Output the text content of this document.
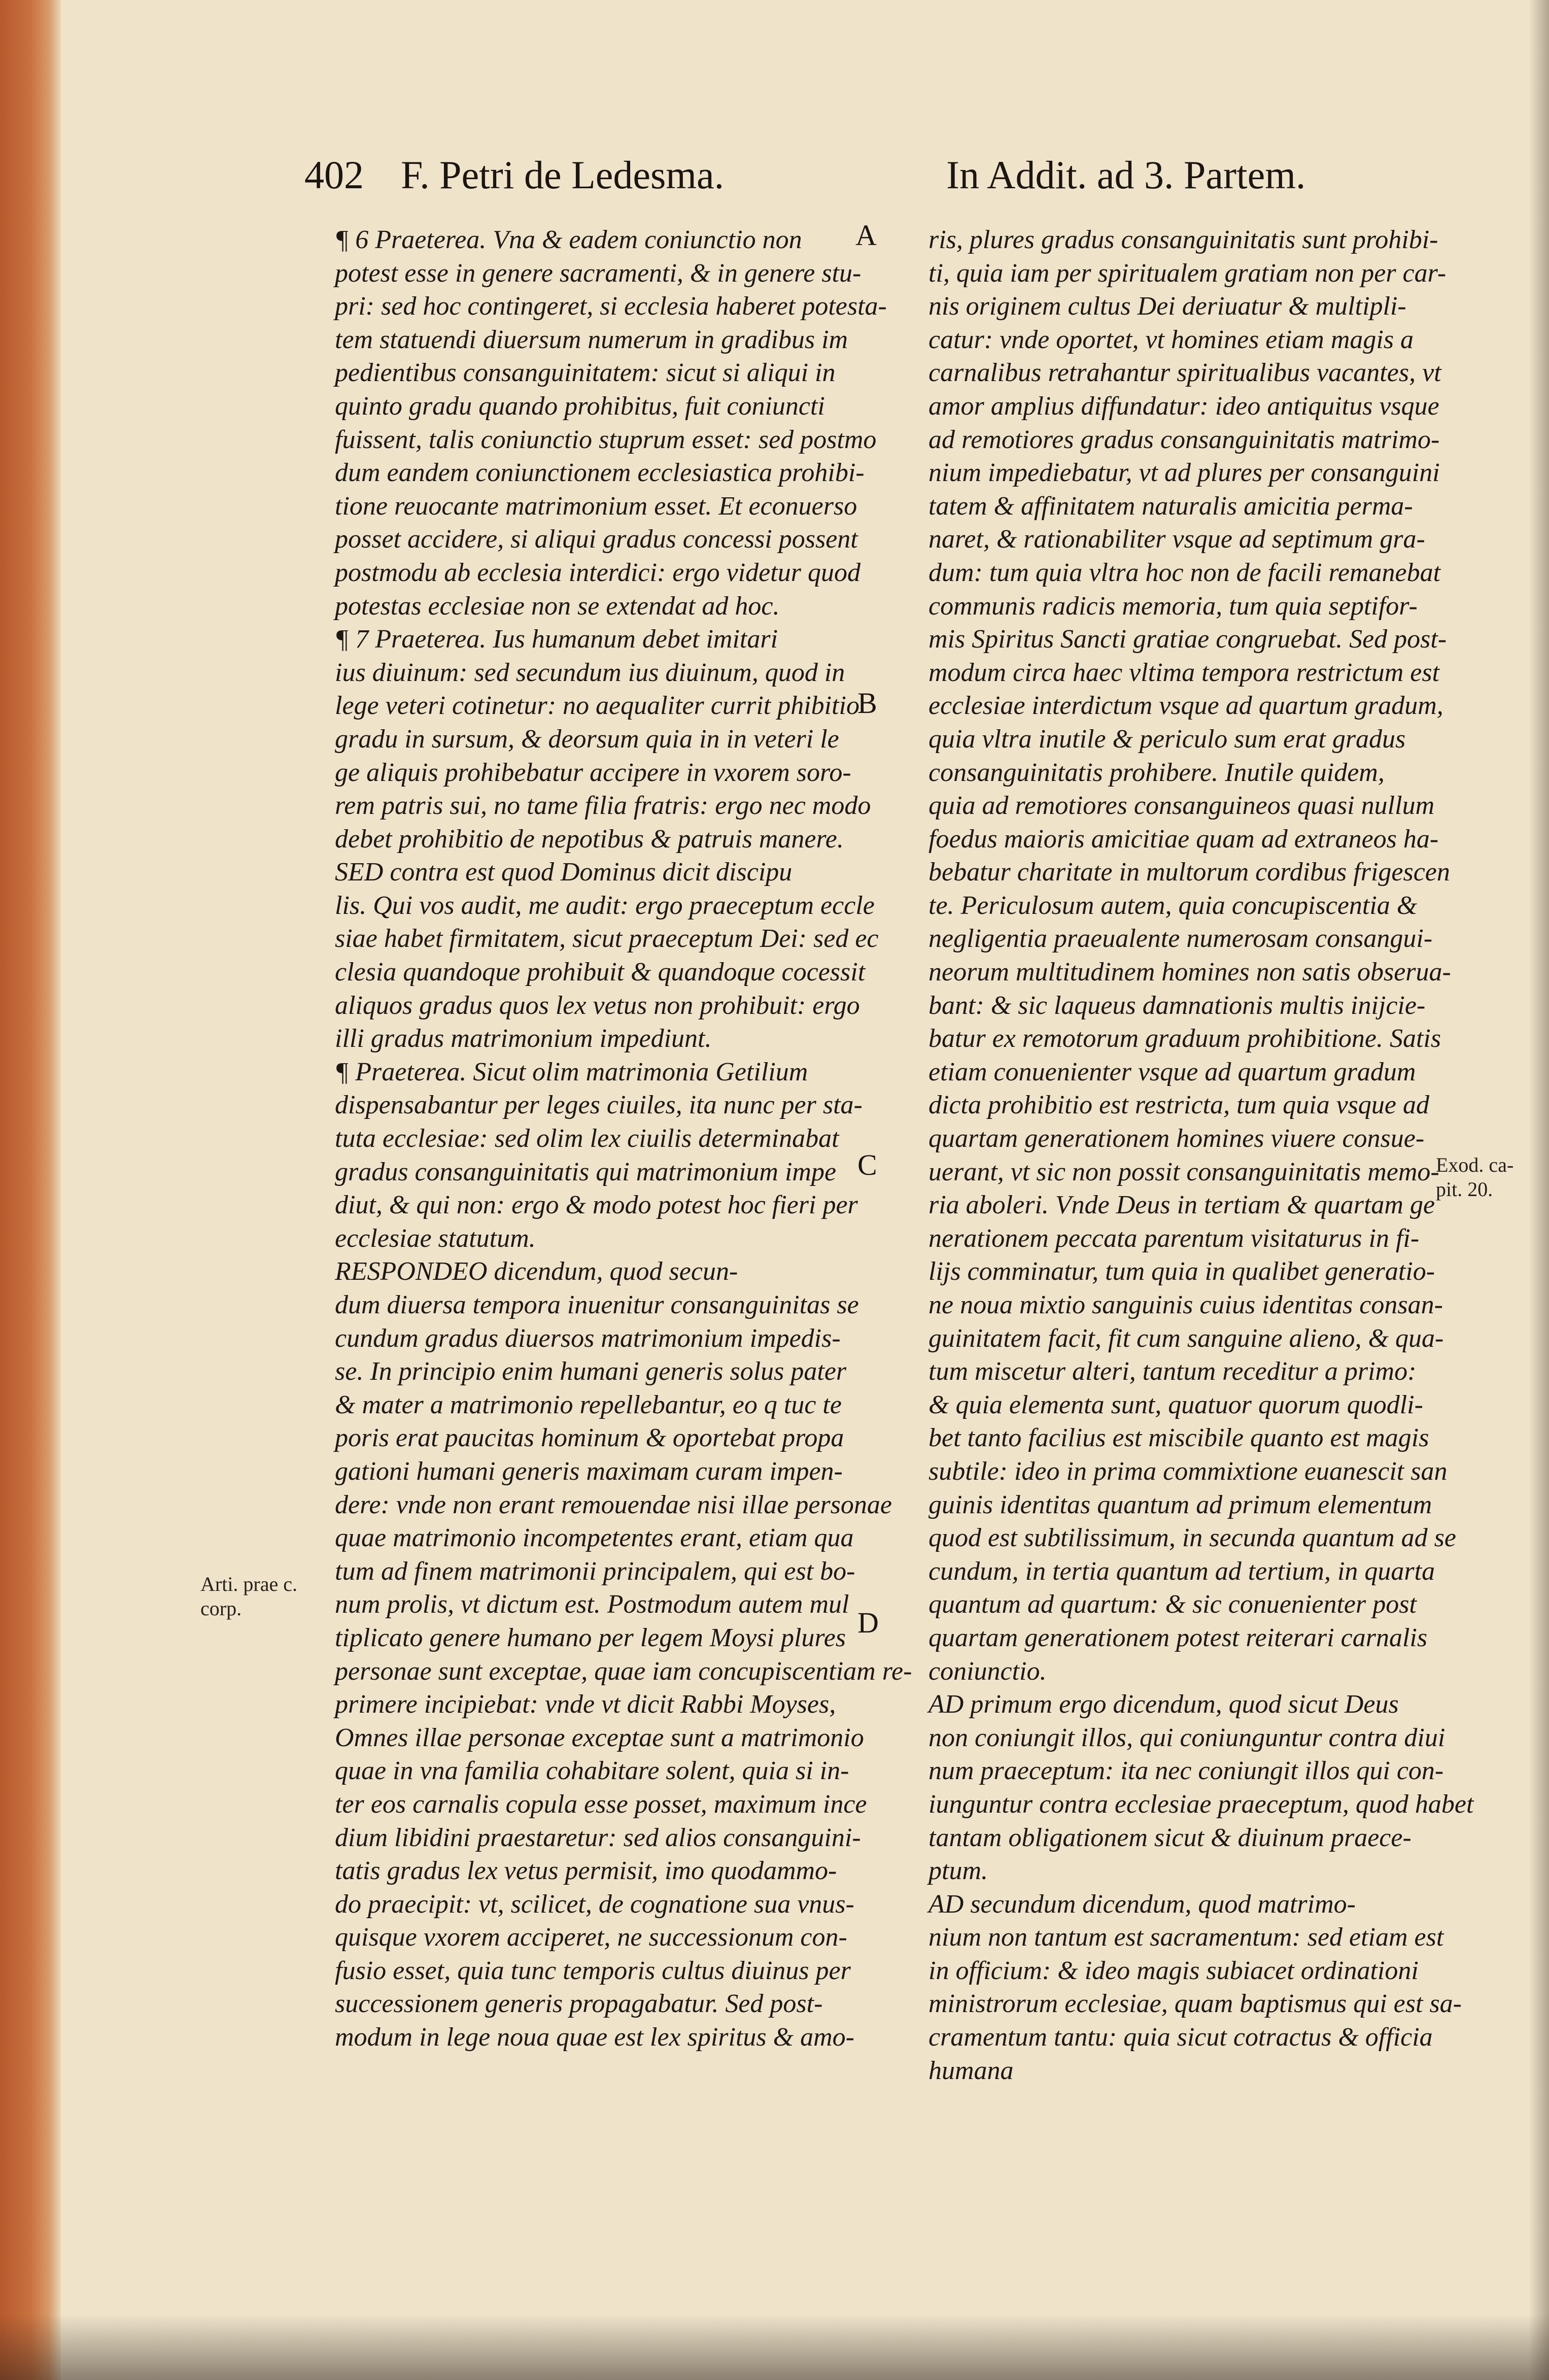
402 F. Petri de Ledesma.	In Addit. ad 3. Partem.
¶ 6 Praeterea. Vna & eadem coniunctio non
potest esse in genere sacramenti, & in genere stu-
pri: sed hoc contingeret, si ecclesia haberet potesta-
tem statuendi diuersum numerum in gradibus im
pedientibus consanguinitatem: sicut si aliqui in
quinto gradu quando prohibitus, fuit coniuncti
fuissent, talis coniunctio stuprum esset: sed postmo
dum eandem coniunctionem ecclesiastica prohibi-
tione reuocante matrimonium esset. Et econuerso
posset accidere, si aliqui gradus concessi possent
postmodu ab ecclesia interdici: ergo videtur quod
potestas ecclesiae non se extendat ad hoc.
¶ 7 Praeterea. Ius humanum debet imitari
ius diuinum: sed secundum ius diuinum, quod in
lege veteri cotinetur: no aequaliter currit phibitio
gradu in sursum, & deorsum quia in in veteri le
ge aliquis prohibebatur accipere in vxorem soro-
rem patris sui, no tame filia fratris: ergo nec modo
debet prohibitio de nepotibus & patruis manere.
SED contra est quod Dominus dicit discipu
lis. Qui vos audit, me audit: ergo praeceptum eccle
siae habet firmitatem, sicut praeceptum Dei: sed ec
clesia quandoque prohibuit & quandoque cocessit
aliquos gradus quos lex vetus non prohibuit: ergo
illi gradus matrimonium impediunt.
¶ Praeterea. Sicut olim matrimonia Getilium
dispensabantur per leges ciuiles, ita nunc per sta-
tuta ecclesiae: sed olim lex ciuilis determinabat
gradus consanguinitatis qui matrimonium impe
diut, & qui non: ergo & modo potest hoc fieri per
ecclesiae statutum.
RESPONDEO dicendum, quod secun-
dum diuersa tempora inuenitur consanguinitas se
cundum gradus diuersos matrimonium impedis-
se. In principio enim humani generis solus pater
& mater a matrimonio repellebantur, eo q tuc te
poris erat paucitas hominum & oportebat propa
gationi humani generis maximam curam impen-
dere: vnde non erant remouendae nisi illae personae
quae matrimonio incompetentes erant, etiam qua
tum ad finem matrimonii principalem, qui est bo-
num prolis, vt dictum est. Postmodum autem mul
tiplicato genere humano per legem Moysi plures
personae sunt exceptae, quae iam concupiscentiam re-
primere incipiebat: vnde vt dicit Rabbi Moyses,
Omnes illae personae exceptae sunt a matrimonio
quae in vna familia cohabitare solent, quia si in-
ter eos carnalis copula esse posset, maximum ince
dium libidini praestaretur: sed alios consanguini-
tatis gradus lex vetus permisit, imo quodammo-
do praecipit: vt, scilicet, de cognatione sua vnus-
quisque vxorem acciperet, ne successionum con-
fusio esset, quia tunc temporis cultus diuinus per
successionem generis propagabatur. Sed post-
modum in lege noua quae est lex spiritus & amo-
ris, plures gradus consanguinitatis sunt prohibi-
ti, quia iam per spiritualem gratiam non per car-
nis originem cultus Dei deriuatur & multipli-
catur: vnde oportet, vt homines etiam magis a
carnalibus retrahantur spiritualibus vacantes, vt
amor amplius diffundatur: ideo antiquitus vsque
ad remotiores gradus consanguinitatis matrimo-
nium impediebatur, vt ad plures per consanguini
tatem & affinitatem naturalis amicitia perma-
naret, & rationabiliter vsque ad septimum gra-
dum: tum quia vltra hoc non de facili remanebat
communis radicis memoria, tum quia septifor-
mis Spiritus Sancti gratiae congruebat. Sed post-
modum circa haec vltima tempora restrictum est
ecclesiae interdictum vsque ad quartum gradum,
quia vltra inutile & periculo sum erat gradus
consanguinitatis prohibere. Inutile quidem,
quia ad remotiores consanguineos quasi nullum
foedus maioris amicitiae quam ad extraneos ha-
bebatur charitate in multorum cordibus frigescen
te. Periculosum autem, quia concupiscentia &
negligentia praeualente numerosam consangui-
neorum multitudinem homines non satis obserua-
bant: & sic laqueus damnationis multis inijcie-
batur ex remotorum graduum prohibitione. Satis
etiam conuenienter vsque ad quartum gradum
dicta prohibitio est restricta, tum quia vsque ad
quartam generationem homines viuere consue-
uerant, vt sic non possit consanguinitatis memo-
ria aboleri. Vnde Deus in tertiam & quartam ge
nerationem peccata parentum visitaturus in fi-
lijs comminatur, tum quia in qualibet generatio-
ne noua mixtio sanguinis cuius identitas consan-
guinitatem facit, fit cum sanguine alieno, & qua-
tum miscetur alteri, tantum receditur a primo:
& quia elementa sunt, quatuor quorum quodli-
bet tanto facilius est miscibile quanto est magis
subtile: ideo in prima commixtione euanescit san
guinis identitas quantum ad primum elementum
quod est subtilissimum, in secunda quantum ad se
cundum, in tertia quantum ad tertium, in quarta
quantum ad quartum: & sic conuenienter post
quartam generationem potest reiterari carnalis
coniunctio.
AD primum ergo dicendum, quod sicut Deus
non coniungit illos, qui coniunguntur contra diui
num praeceptum: ita nec coniungit illos qui con-
iunguntur contra ecclesiae praeceptum, quod habet
tantam obligationem sicut & diuinum praece-
ptum.
AD secundum dicendum, quod matrimo-
nium non tantum est sacramentum: sed etiam est
in officium: & ideo magis subiacet ordinationi
ministrorum ecclesiae, quam baptismus qui est sa-
cramentum tantu: quia sicut cotractus & officia
humana
A
B
C
D
Arti. prae c.
corp.
Exod. ca-
pit. 20.
